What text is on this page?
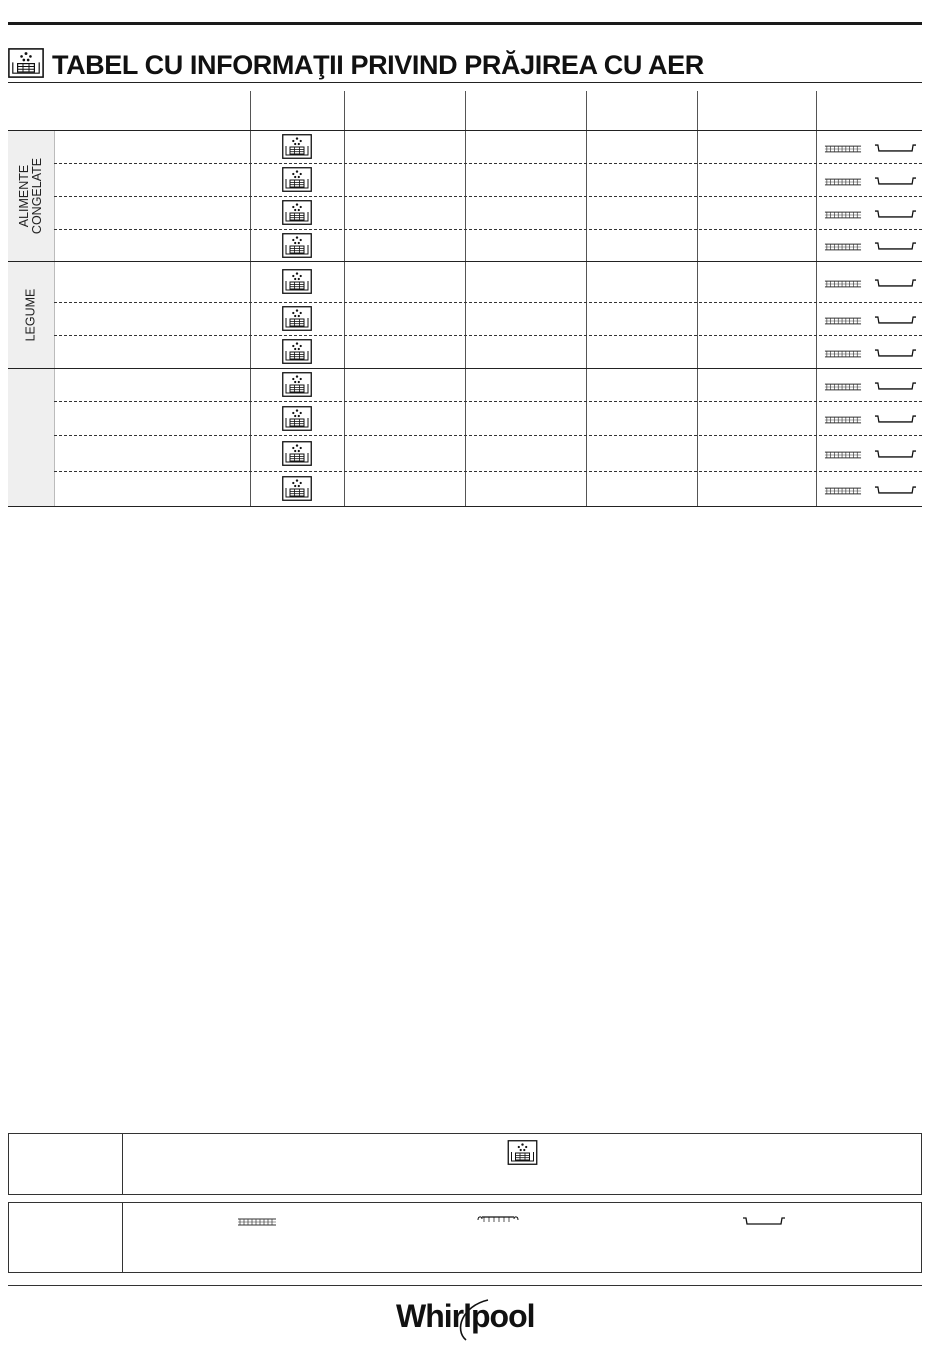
TABEL CU INFORMAŢII PRIVIND PRĂJIREA CU AER
ALIMENTE CONGELATE
LEGUME
Whirlpool
